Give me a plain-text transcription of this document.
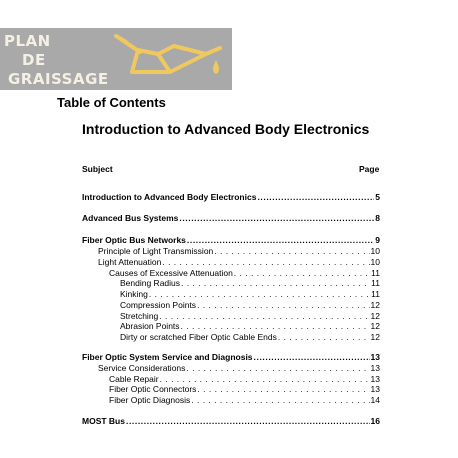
PLAN
DE
GRAISSAGE
Table of Contents
Introduction to Advanced Body Electronics
Subject	Page
Introduction to Advanced Body Electronics .....	5
Advanced Bus Systems .....	8
Fiber Optic Bus Networks .....	9
Principle of Light Transmission . . .	10
Light Attenuation . . .	10
Causes of Excessive Attenuation . . .	11
Bending Radius . . .	11
Kinking . . .	11
Compression Points . . .	12
Stretching . . .	12
Abrasion Points . . .	12
Dirty or scratched Fiber Optic Cable Ends . . .	12
Fiber Optic System Service and Diagnosis .....	13
Service Considerations . . .	13
Cable Repair . . .	13
Fiber Optic Connectors . . .	13
Fiber Optic Diagnosis . . .	14
MOST Bus .....	16
